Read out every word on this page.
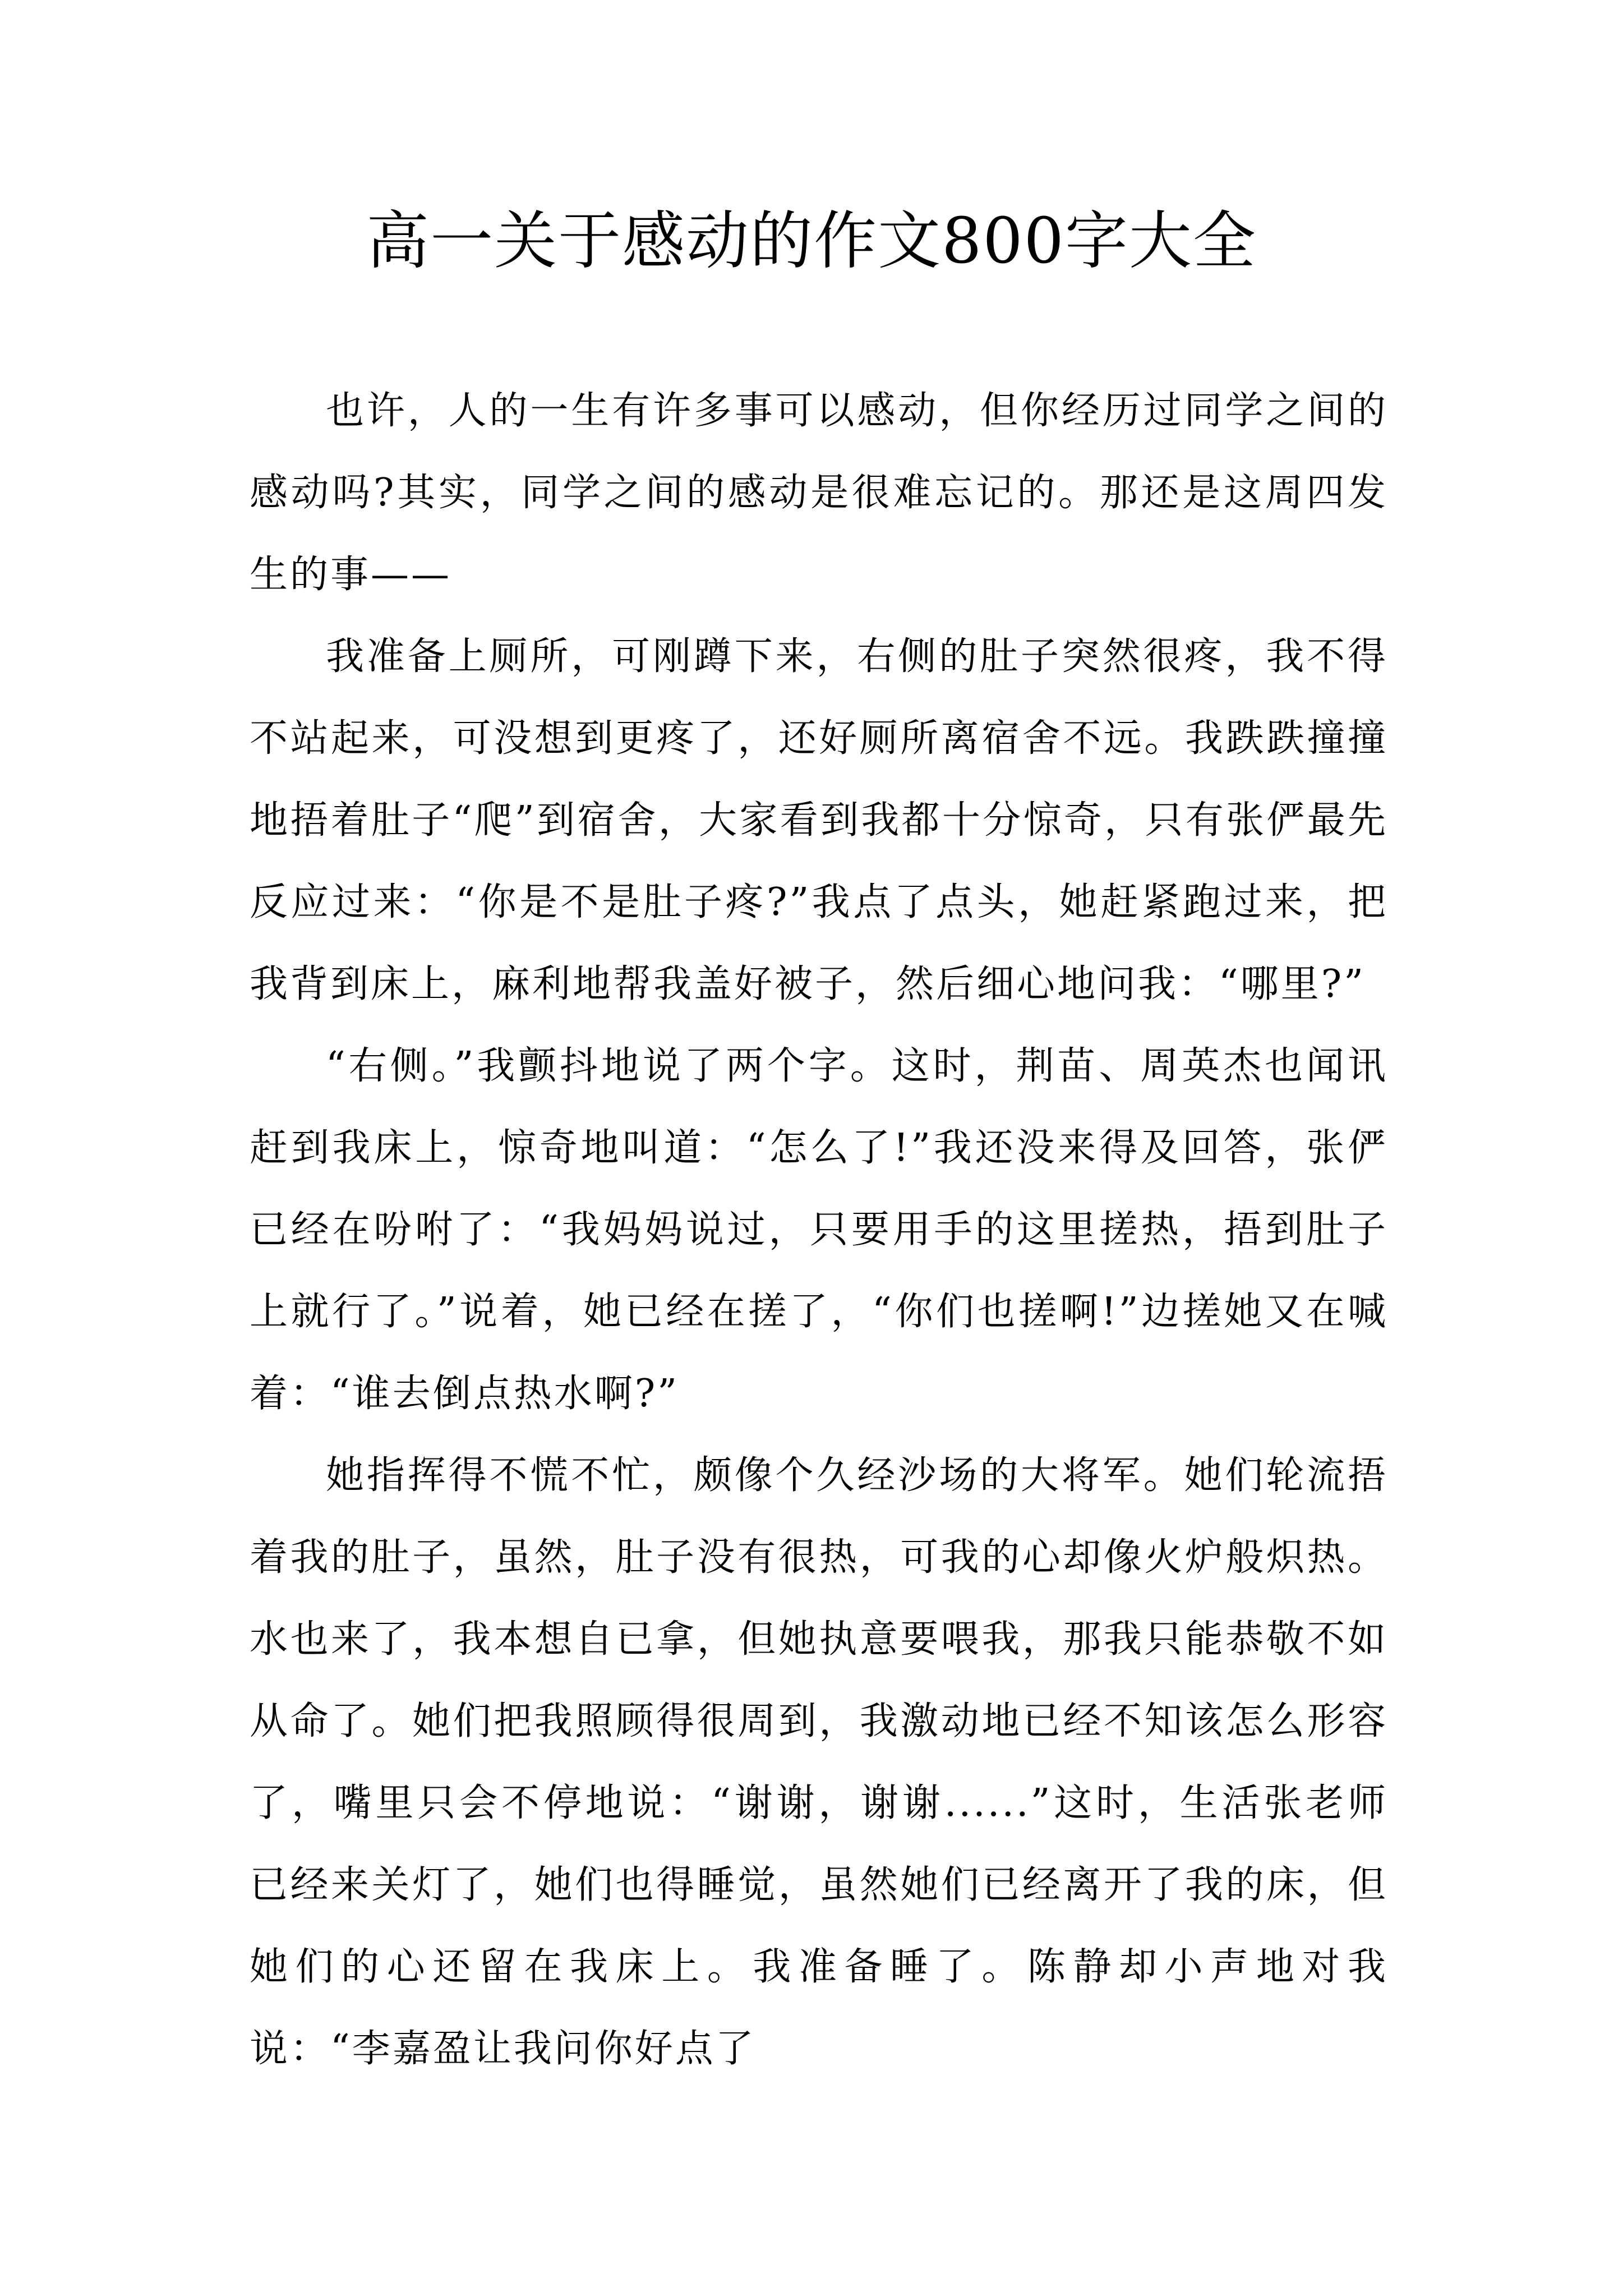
高一关于感动的作文800字大全

也许，人的一生有许多事可以感动，但你经历过同学之间的感动吗?其实，同学之间的感动是很难忘记的。那还是这周四发生的事——

我准备上厕所，可刚蹲下来，右侧的肚子突然很疼，我不得不站起来，可没想到更疼了，还好厕所离宿舍不远。我跌跌撞撞地捂着肚子“爬”到宿舍，大家看到我都十分惊奇，只有张俨最先反应过来：“你是不是肚子疼?”我点了点头，她赶紧跑过来，把我背到床上，麻利地帮我盖好被子，然后细心地问我：“哪里?”

“右侧。”我颤抖地说了两个字。这时，荆苗、周英杰也闻讯赶到我床上，惊奇地叫道：“怎么了!”我还没来得及回答，张俨已经在吩咐了：“我妈妈说过，只要用手的这里搓热，捂到肚子上就行了。”说着，她已经在搓了，“你们也搓啊!”边搓她又在喊着：“谁去倒点热水啊?”

她指挥得不慌不忙，颇像个久经沙场的大将军。她们轮流捂着我的肚子，虽然，肚子没有很热，可我的心却像火炉般炽热。水也来了，我本想自已拿，但她执意要喂我，那我只能恭敬不如从命了。她们把我照顾得很周到，我激动地已经不知该怎么形容了，嘴里只会不停地说：“谢谢，谢谢......”这时，生活张老师已经来关灯了，她们也得睡觉，虽然她们已经离开了我的床，但她们的心还留在我床上。我准备睡了。陈静却小声地对我说：“李嘉盈让我问你好点了
